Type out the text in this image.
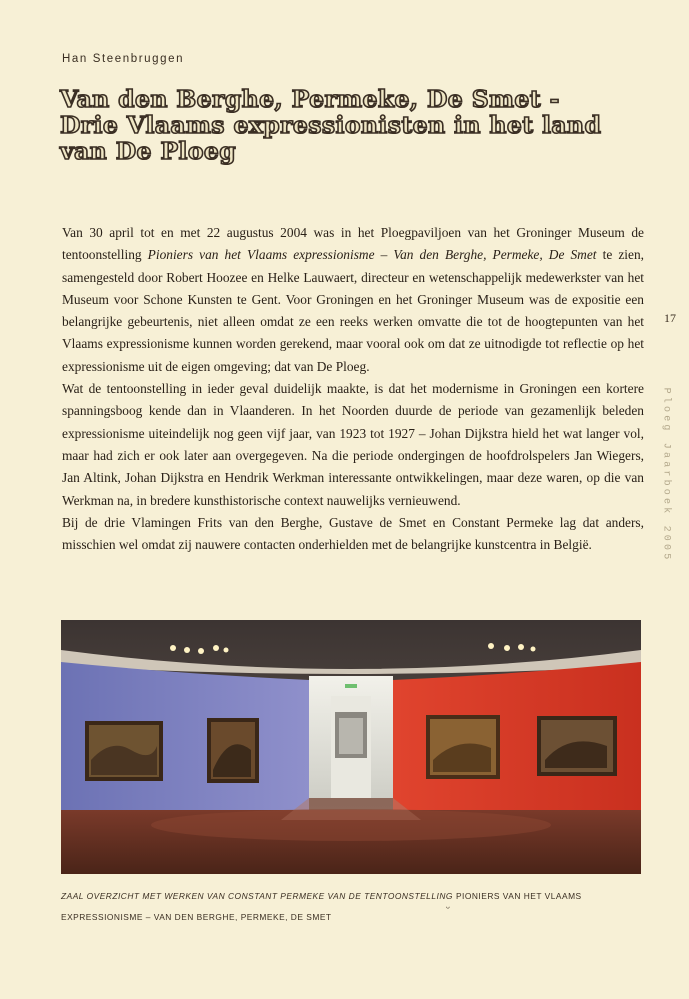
Han Steenbruggen
Van den Berghe, Permeke, De Smet - Drie Vlaams expressionisten in het land van De Ploeg

Van 30 april tot en met 22 augustus 2004 was in het Ploegpaviljoen van het Groninger Museum de tentoonstelling Pioniers van het Vlaams expressionisme – Van den Berghe, Permeke, De Smet te zien, samengesteld door Robert Hoozee en Helke Lauwaert, directeur en wetenschappelijk medewerkster van het Museum voor Schone Kunsten te Gent. Voor Groningen en het Groninger Museum was de expositie een belangrijke gebeurtenis, niet alleen omdat ze een reeks werken omvatte die tot de hoogtepunten van het Vlaams expressionisme kunnen worden gerekend, maar vooral ook om dat ze uitnodigde tot reflectie op het expressionisme uit de eigen omgeving; dat van De Ploeg.

Wat de tentoonstelling in ieder geval duidelijk maakte, is dat het modernisme in Groningen een kortere spanningsboog kende dan in Vlaanderen. In het Noorden duurde de periode van gezamenlijk beleden expressionisme uiteindelijk nog geen vijf jaar, van 1923 tot 1927 – Johan Dijkstra hield het wat langer vol, maar had zich er ook later aan overgegeven. Na die periode ondergingen de hoofdrolspelers Jan Wiegers, Jan Altink, Johan Dijkstra en Hendrik Werkman interessante ontwikkelingen, maar deze waren, op die van Werkman na, in bredere kunsthistorische context nauwelijks vernieuwend.

Bij de drie Vlamingen Frits van den Berghe, Gustave de Smet en Constant Permeke lag dat anders, misschien wel omdat zij nauwere contacten onderhielden met de belangrijke kunstcentra in België.

17
Ploeg Jaarboek 2005
ZAAL OVERZICHT MET WERKEN VAN CONSTANT PERMEKE VAN DE TENTOONSTELLING PIONIERS VAN HET VLAAMS EXPRESSIONISME – VAN DEN BERGHE, PERMEKE, DE SMET
ᵕ
